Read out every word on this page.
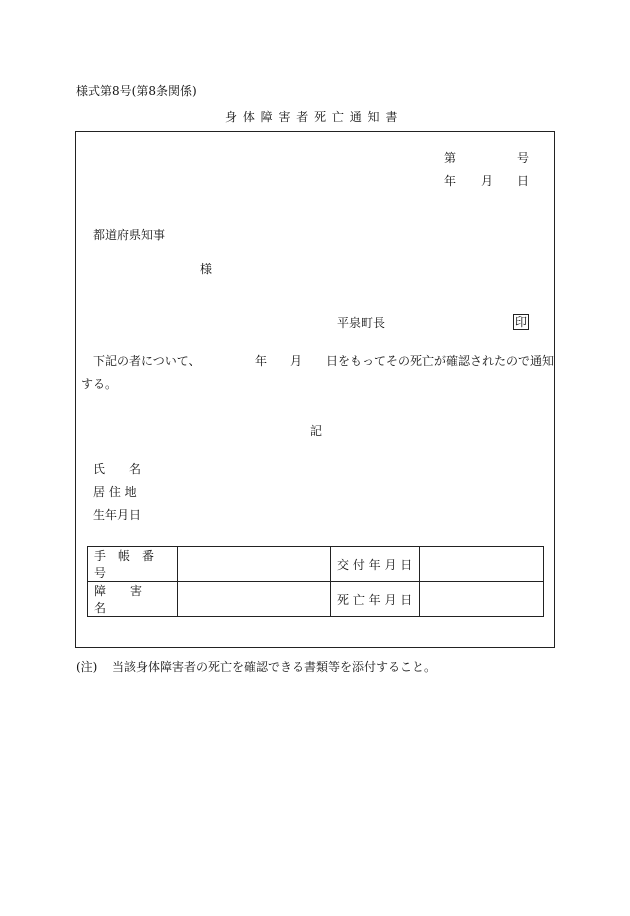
様式第8号(第8条関係)
身 体 障 害 者 死 亡 通 知 書
第	号
年 月 日
都道府県知事
様
平泉町長	印
下記の者について、	年 月 日をもってその死亡が確認されたので通知
する。
記
氏　　名
居 住 地
生年月日
手　帳　番　号		交 付 年 月 日	
障　　害　　名		死 亡 年 月 日	
(注) 当該身体障害者の死亡を確認できる書類等を添付すること。
